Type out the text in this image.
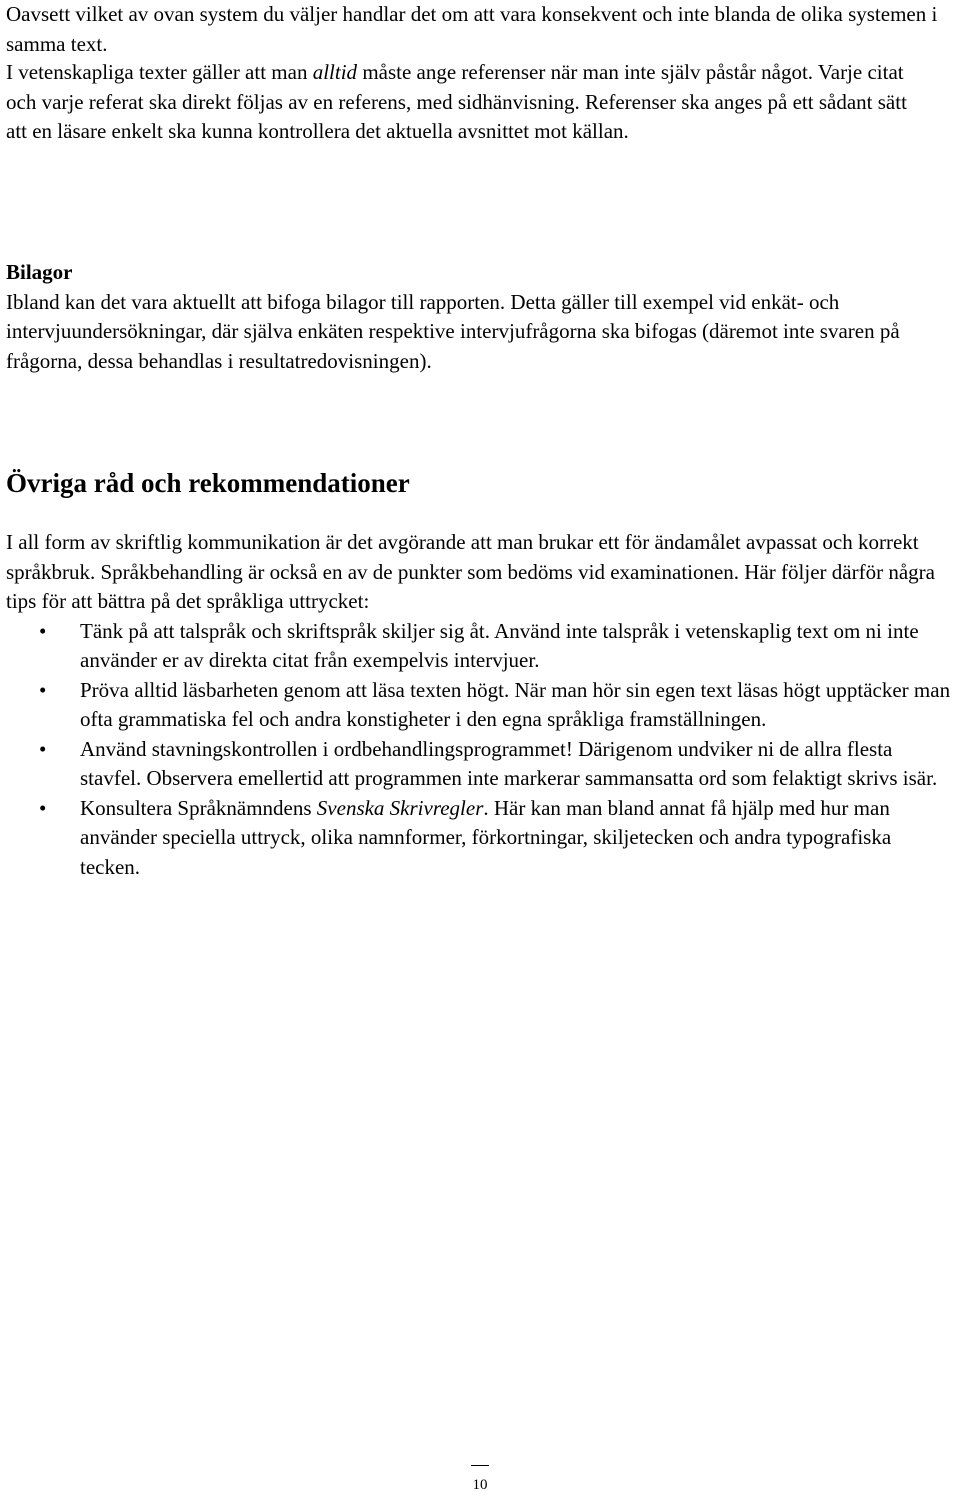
Oavsett vilket av ovan system du väljer handlar det om att vara konsekvent och inte blanda de olika systemen i samma text.

I vetenskapliga texter gäller att man alltid måste ange referenser när man inte själv påstår något. Varje citat och varje referat ska direkt följas av en referens, med sidhänvisning. Referenser ska anges på ett sådant sätt att en läsare enkelt ska kunna kontrollera det aktuella avsnittet mot källan.

Bilagor

Ibland kan det vara aktuellt att bifoga bilagor till rapporten. Detta gäller till exempel vid enkät- och intervjuundersökningar, där själva enkäten respektive intervjufrågorna ska bifogas (däremot inte svaren på frågorna, dessa behandlas i resultatredovisningen).

Övriga råd och rekommendationer

I all form av skriftlig kommunikation är det avgörande att man brukar ett för ändamålet avpassat och korrekt språkbruk. Språkbehandling är också en av de punkter som bedöms vid examinationen. Här följer därför några tips för att bättra på det språkliga uttrycket:

• Tänk på att talspråk och skriftspråk skiljer sig åt. Använd inte talspråk i vetenskaplig text om ni inte använder er av direkta citat från exempelvis intervjuer.
• Pröva alltid läsbarheten genom att läsa texten högt. När man hör sin egen text läsas högt upptäcker man ofta grammatiska fel och andra konstigheter i den egna språkliga framställningen.
• Använd stavningskontrollen i ordbehandlingsprogrammet! Därigenom undviker ni de allra flesta stavfel. Observera emellertid att programmen inte markerar sammansatta ord som felaktigt skrivs isär.
• Konsultera Språknämndens Svenska Skrivregler. Här kan man bland annat få hjälp med hur man använder speciella uttryck, olika namnformer, förkortningar, skiljetecken och andra typografiska tecken.
10
